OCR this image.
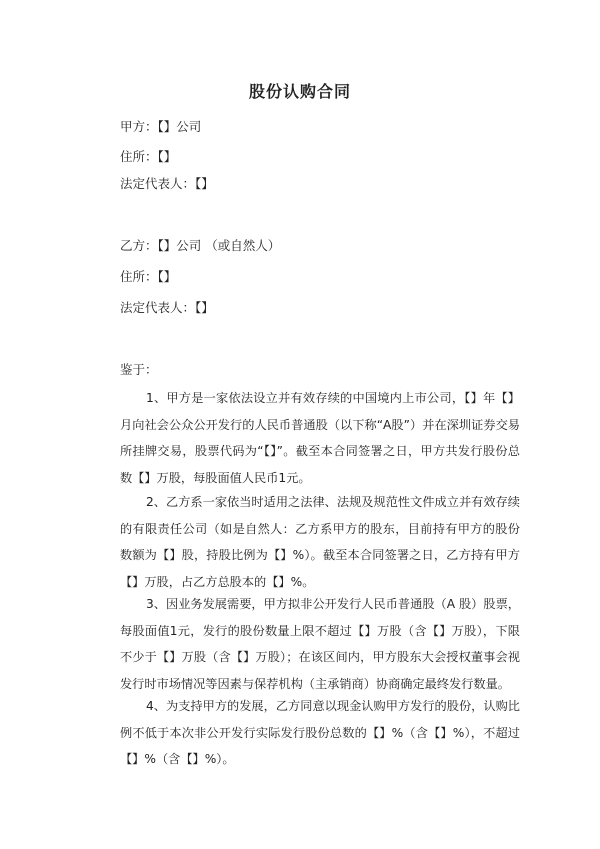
股份认购合同
甲方：【】公司
住所：【】
法定代表人：【】
乙方：【】公司 （或自然人）
住所：【】
法定代表人：【】
鉴于：
1、甲方是一家依法设立并有效存续的中国境内上市公司，【】年【】月向社会公众公开发行的人民币普通股（以下称“A股”）并在深圳证券交易所挂牌交易，股票代码为“【】”。截至本合同签署之日，甲方共发行股份总数【】万股，每股面值人民币1元。
2、乙方系一家依当时适用之法律、法规及规范性文件成立并有效存续的有限责任公司（如是自然人：乙方系甲方的股东，目前持有甲方的股份数额为【】股，持股比例为【】%）。截至本合同签署之日，乙方持有甲方【】万股，占乙方总股本的【】%。
3、因业务发展需要，甲方拟非公开发行人民币普通股（A 股）股票，每股面值1元，发行的股份数量上限不超过【】万股（含【】万股），下限不少于【】万股（含【】万股）；在该区间内，甲方股东大会授权董事会视发行时市场情况等因素与保荐机构（主承销商）协商确定最终发行数量。
4、为支持甲方的发展，乙方同意以现金认购甲方发行的股份，认购比例不低于本次非公开发行实际发行股份总数的【】%（含【】%），不超过【】%（含【】%）。
